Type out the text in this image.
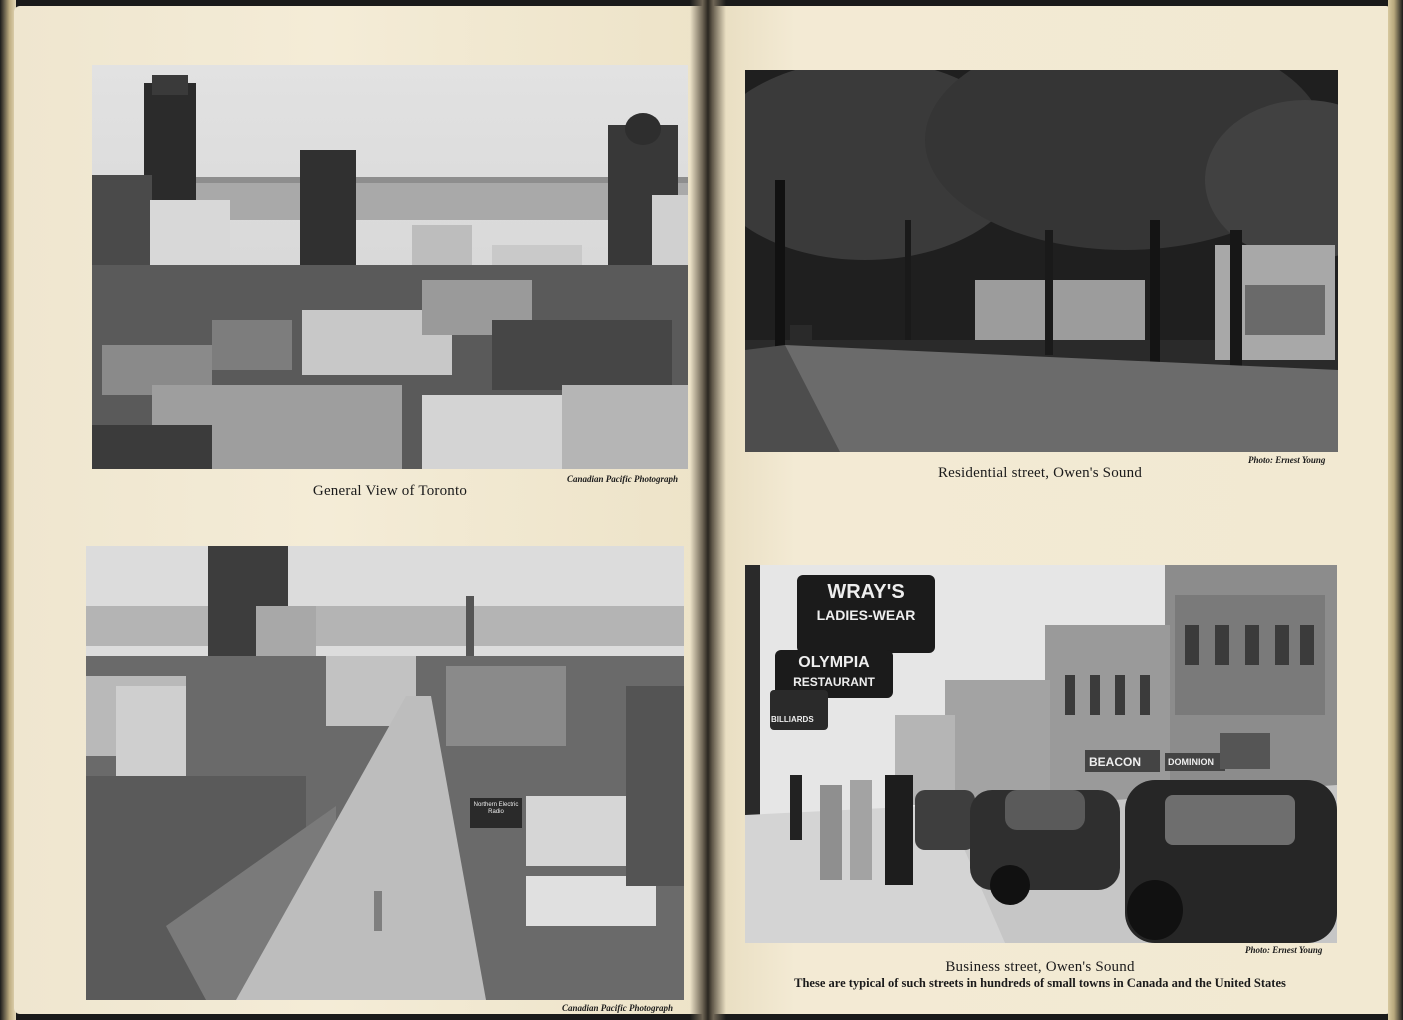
General View of Toronto
Canadian Pacific Photograph
Northern Electric Radio
Canadian Pacific Photograph
Photo: Ernest Young
Residential street, Owen's Sound
WRAY'S
LADIES-WEAR
OLYMPIA
RESTAURANT
BILLIARDS
BEACON	DOMINION
Photo: Ernest Young
Business street, Owen's Sound
These are typical of such streets in hundreds of small towns in Canada and the United States
